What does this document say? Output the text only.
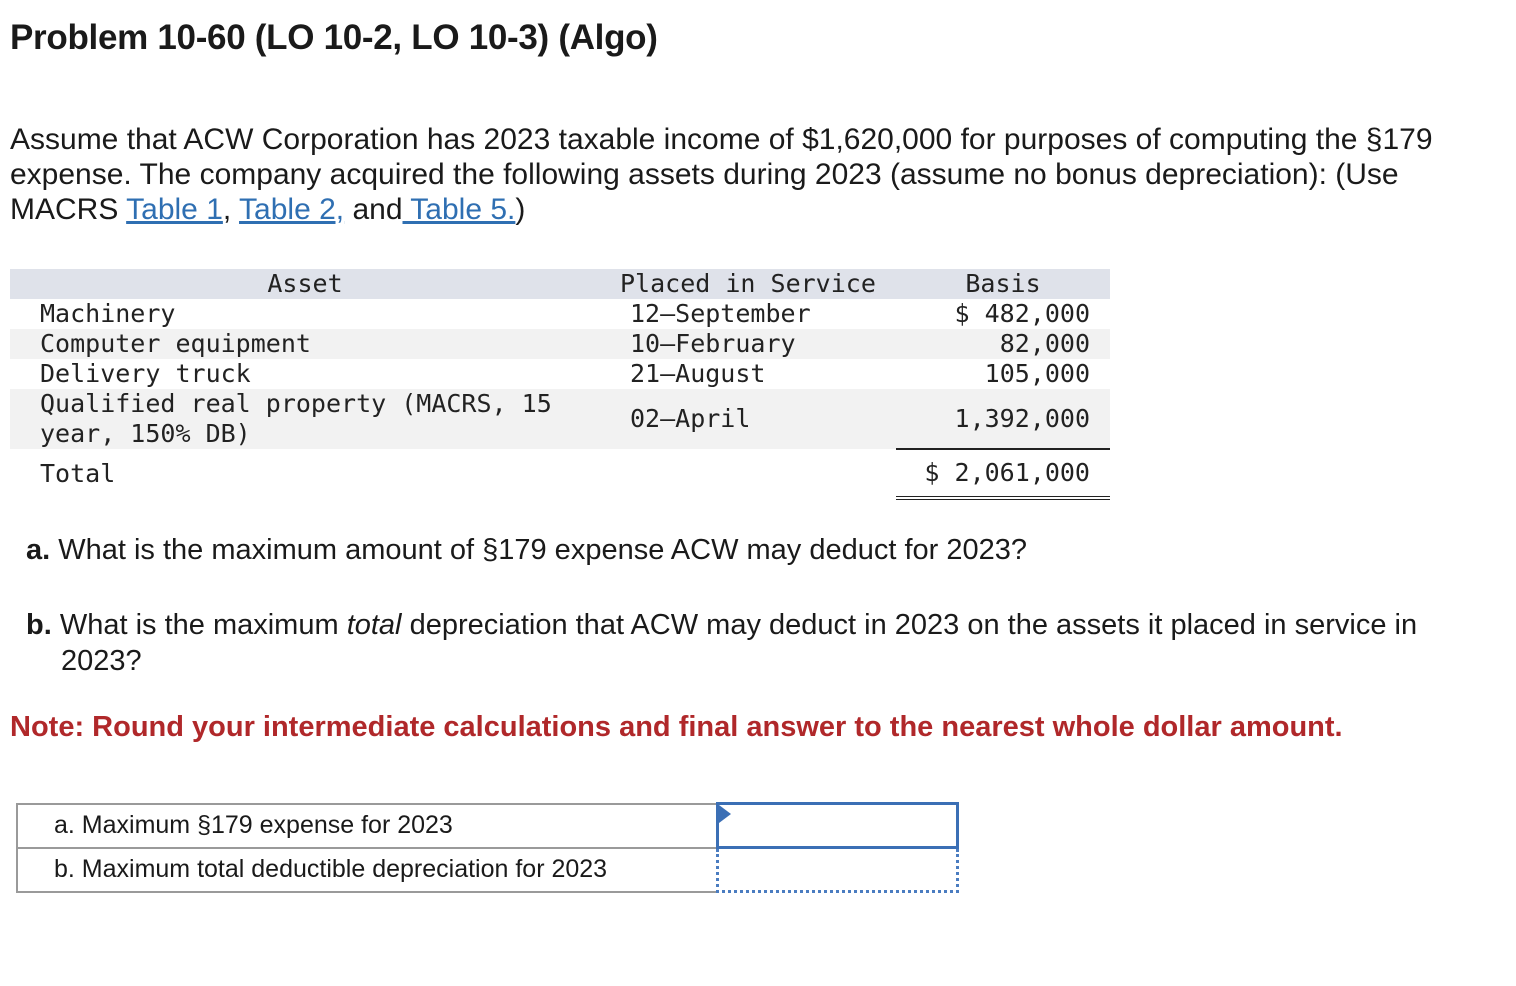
Problem 10-60 (LO 10-2, LO 10-3) (Algo)

Assume that ACW Corporation has 2023 taxable income of $1,620,000 for purposes of computing the §179 expense. The company acquired the following assets during 2023 (assume no bonus depreciation): (Use MACRS Table 1, Table 2, and Table 5.)

Asset	Placed in Service	Basis
Machinery	12–September	$ 482,000
Computer equipment	10–February	82,000
Delivery truck	21–August	105,000
Qualified real property (MACRS, 15
year, 150% DB)	02–April	1,392,000
Total		$ 2,061,000

a. What is the maximum amount of §179 expense ACW may deduct for 2023?

b. What is the maximum total depreciation that ACW may deduct in 2023 on the assets it placed in service in 2023?

Note: Round your intermediate calculations and final answer to the nearest whole dollar amount.

a. Maximum §179 expense for 2023	

b. Maximum total deductible depreciation for 2023	
